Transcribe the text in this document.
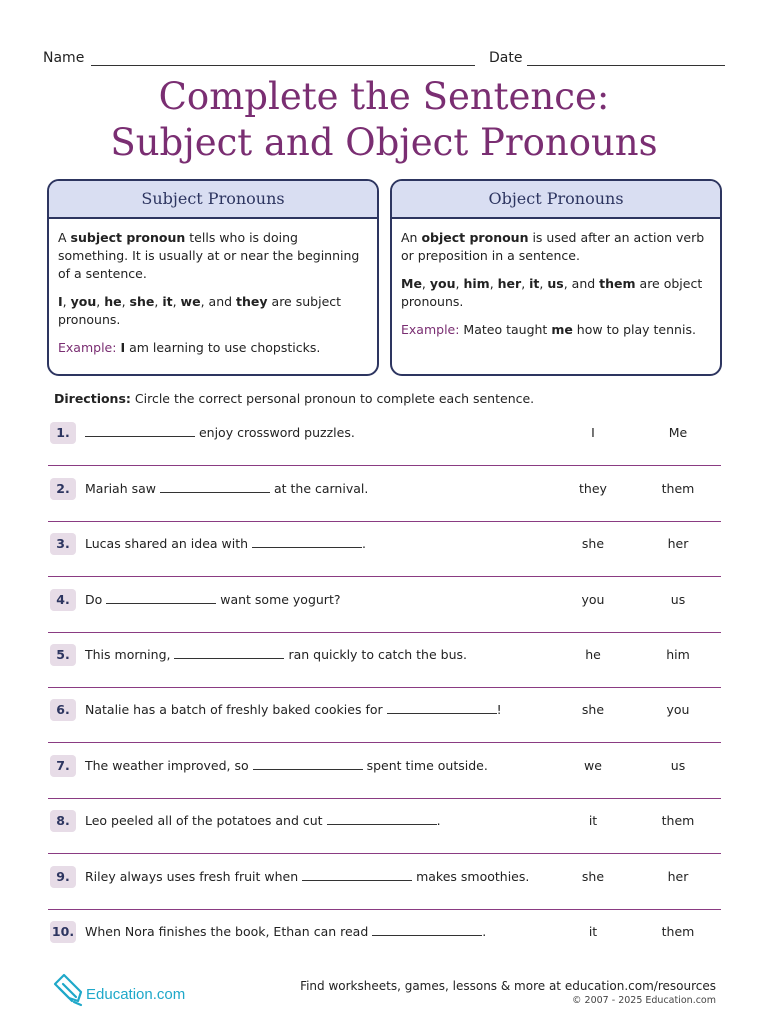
Name	Date
Complete the Sentence:
Subject and Object Pronouns
Subject Pronouns

A subject pronoun tells who is doing something. It is usually at or near the beginning of a sentence.

I, you, he, she, it, we, and they are subject pronouns.

Example: I am learning to use chopsticks.

Object Pronouns

An object pronoun is used after an action verb or preposition in a sentence.

Me, you, him, her, it, us, and them are object pronouns.

Example: Mateo taught me how to play tennis.

Directions: Circle the correct personal pronoun to complete each sentence.
1.	enjoy crossword puzzles.	I	Me
2.	Mariah saw	at the carnival.	they	them
3.	Lucas shared an idea with	.	she	her
4.	Do	want some yogurt?	you	us
5.	This morning,	ran quickly to catch the bus.	he	him
6.	Natalie has a batch of freshly baked cookies for	!	she	you
7.	The weather improved, so	spent time outside.	we	us
8.	Leo peeled all of the potatoes and cut	.	it	them
9.	Riley always uses fresh fruit when	makes smoothies.	she	her
10. When Nora finishes the book, Ethan can read	.	it	them
Education.com	Find worksheets, games, lessons & more at education.com/resources
© 2007 - 2025 Education.com
